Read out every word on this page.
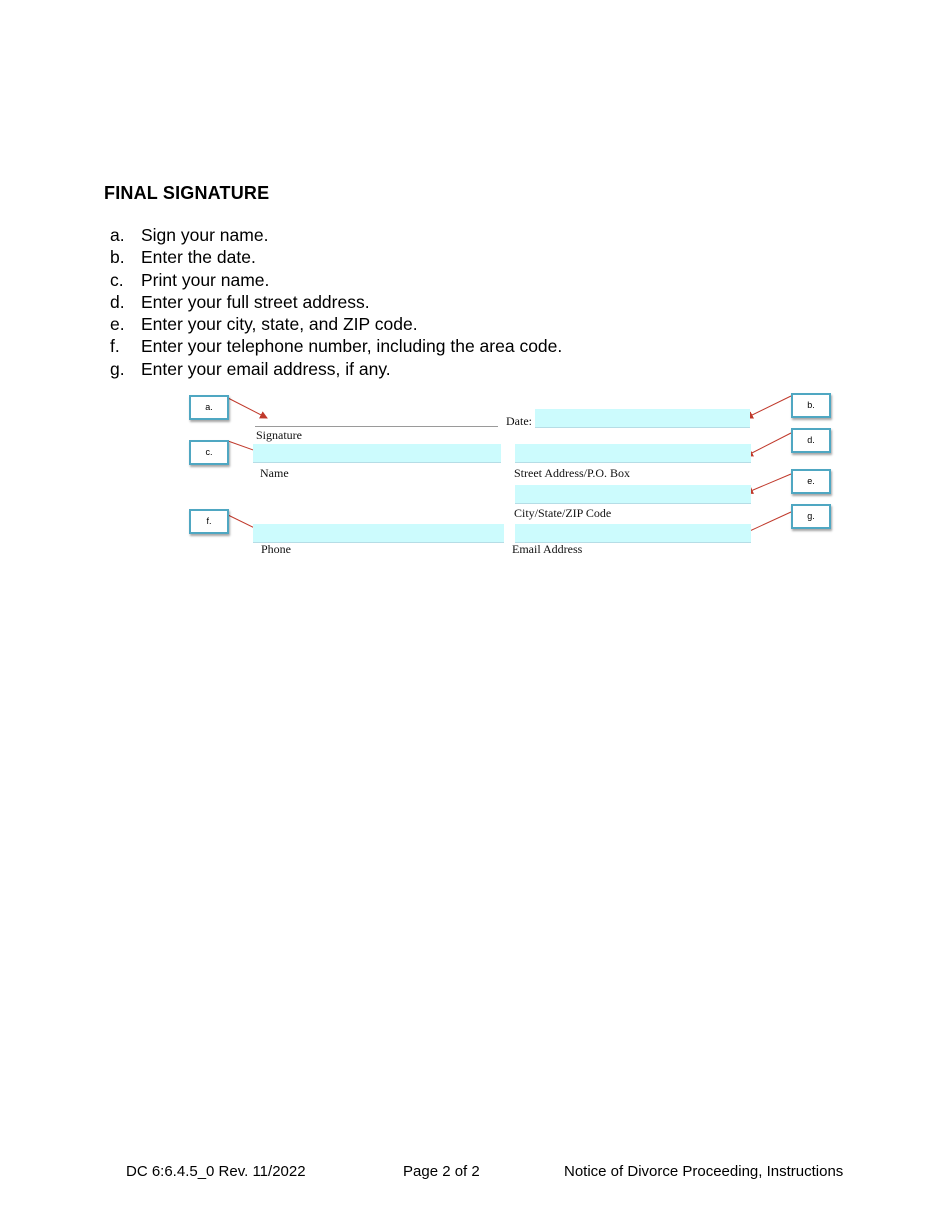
FINAL SIGNATURE
a. Sign your name.
b. Enter the date.
c. Print your name.
d. Enter your full street address.
e. Enter your city, state, and ZIP code.
f.	Enter your telephone number, including the area code.
g. Enter your email address, if any.
a.	b.
c.
d.
e.
f.	g.
Date:
Signature
Name	Street Address/P.O. Box
City/State/ZIP Code
Phone	Email Address
DC 6:6.4.5_0 Rev. 11/2022	Page 2 of 2	Notice of Divorce Proceeding, Instructions
